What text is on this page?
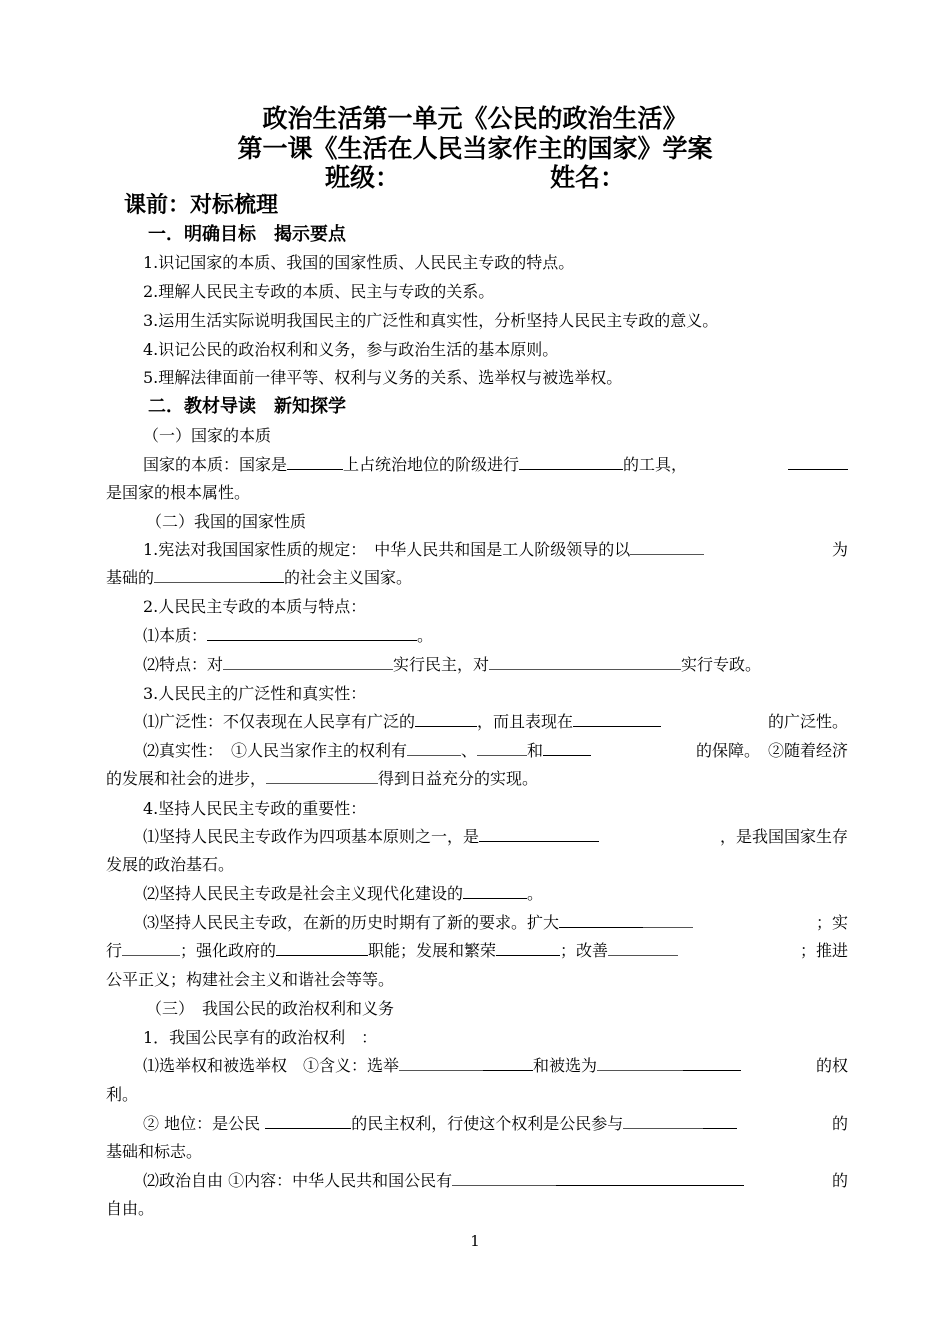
政治生活第一单元《公民的政治生活》
第一课《生活在人民当家作主的国家》学案
班级：	姓名：
课前：对标梳理
一．明确目标　揭示要点
1.识记国家的本质、我国的国家性质、人民民主专政的特点。
2.理解人民民主专政的本质、民主与专政的关系。
3.运用生活实际说明我国民主的广泛性和真实性，分析坚持人民民主专政的意义。
4.识记公民的政治权利和义务，参与政治生活的基本原则。
5.理解法律面前一律平等、权利与义务的关系、选举权与被选举权。
二．教材导读　新知探学
（一）国家的本质
国家的本质：国家是	上占统治地位的阶级进行	的工具，
是国家的根本属性。
（二）我国的国家性质
1.宪法对我国国家性质的规定：　中华人民共和国是工人阶级领导的以	为
基础的	的社会主义国家。
2.人民民主专政的本质与特点：
⑴本质：	。
⑵特点：对	实行民主，对	实行专政。
3.人民民主的广泛性和真实性：
⑴广泛性：不仅表现在人民享有广泛的	，而且表现在	的广泛性。
⑵真实性：　①人民当家作主的权利有	、	和	的保障。　②随着经济
的发展和社会的进步，	得到日益充分的实现。
4.坚持人民民主专政的重要性：
⑴坚持人民民主专政作为四项基本原则之一，是	，是我国国家生存
发展的政治基石。
⑵坚持人民民主专政是社会主义现代化建设的	。
⑶坚持人民民主专政，在新的历史时期有了新的要求。扩大	；实
行	；强化政府的	职能；发展和繁荣	；改善	；推进
公平正义；构建社会主义和谐社会等等。
（三）　我国公民的政治权利和义务
1．我国公民享有的政治权利　：
⑴选举权和被选举权　①含义：选举	和被选为	的权
利。
② 地位：是公民	的民主权利，行使这个权利是公民参与	的
基础和标志。
⑵政治自由 ①内容：中华人民共和国公民有	的
自由。
1
